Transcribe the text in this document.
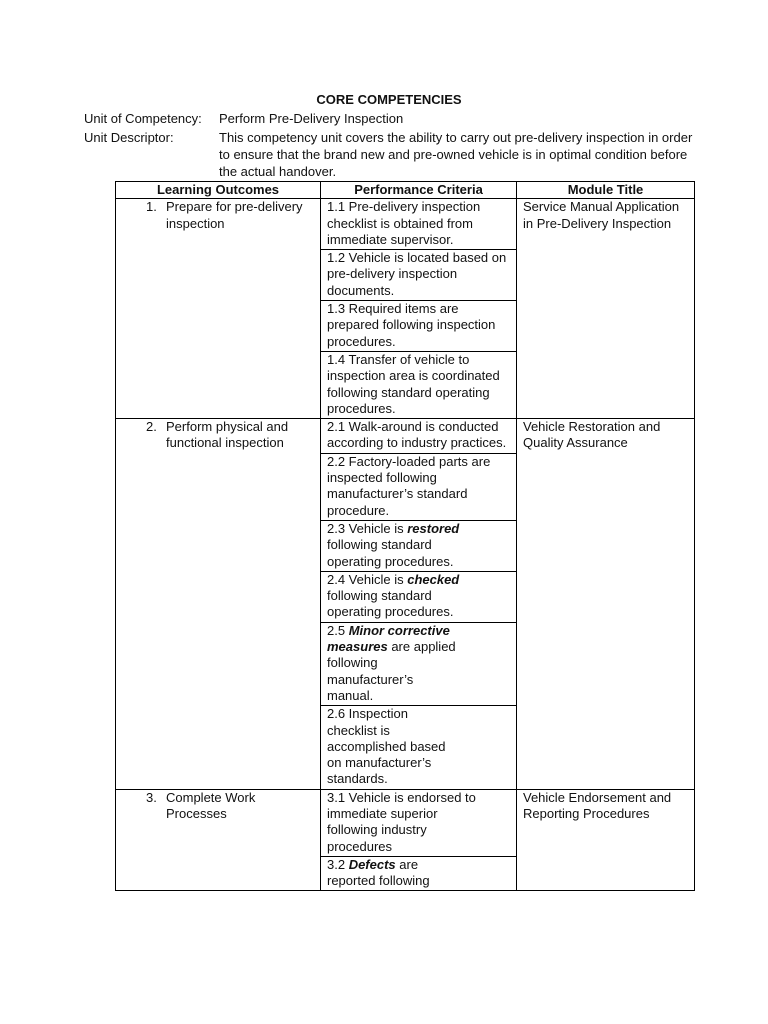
CORE COMPETENCIES
Unit of Competency: Perform Pre-Delivery Inspection
Unit Descriptor:	This competency unit covers the ability to carry out pre-delivery inspection in order to ensure that the brand new and pre-owned vehicle is in optimal condition before the actual handover.
Learning Outcomes	Performance Criteria	Module Title

1. Prepare for pre-delivery inspection	1.1 Pre-delivery inspection checklist is obtained from immediate supervisor.	Service Manual Application in Pre-Delivery Inspection
	1.2 Vehicle is located based on pre-delivery inspection documents.	
	1.3 Required items are prepared following inspection procedures.	
	1.4 Transfer of vehicle to inspection area is coordinated following standard operating procedures.	

2. Perform physical and functional inspection	2.1 Walk-around is conducted according to industry practices.	Vehicle Restoration and Quality Assurance
	2.2 Factory-loaded parts are inspected following manufacturer’s standard procedure.	
	2.3 Vehicle is restored following standard operating procedures.	
	2.4 Vehicle is checked following standard operating procedures.	
	2.5 Minor corrective measures are applied following manufacturer’s manual.	
	2.6 Inspection checklist is accomplished based on manufacturer’s standards.	

3. Complete Work Processes	3.1 Vehicle is endorsed to immediate superior following industry procedures	Vehicle Endorsement and Reporting Procedures
	3.2 Defects are reported following	
